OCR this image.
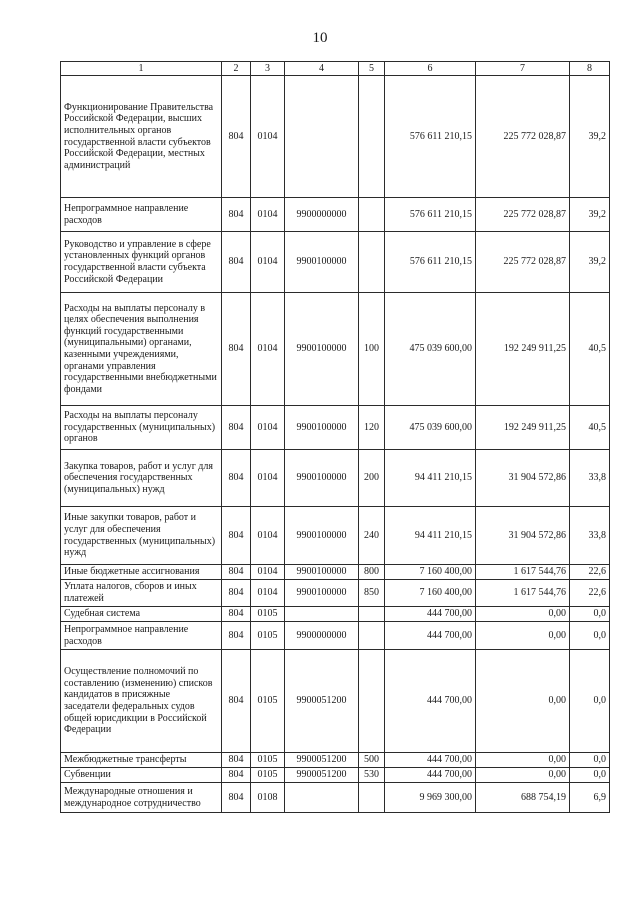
10
1	2	3	4	5	6	7	8
Функционирование Правительства Российской Федерации, высших исполнительных органов государственной власти субъектов Российской Федерации, местных администраций	804	0104			576 611 210,15	225 772 028,87	39,2
Непрограммное направление расходов	804	0104	9900000000		576 611 210,15	225 772 028,87	39,2
Руководство и управление в сфере установленных функций органов государственной власти субъекта Российской Федерации	804	0104	9900100000		576 611 210,15	225 772 028,87	39,2
Расходы на выплаты персоналу в целях обеспечения выполнения функций государственными (муниципальными) органами, казенными учреждениями, органами управления государственными внебюджетными фондами	804	0104	9900100000	100	475 039 600,00	192 249 911,25	40,5
Расходы на выплаты персоналу государственных (муниципальных) органов	804	0104	9900100000	120	475 039 600,00	192 249 911,25	40,5
Закупка товаров, работ и услуг для обеспечения государственных (муниципальных) нужд	804	0104	9900100000	200	94 411 210,15	31 904 572,86	33,8
Иные закупки товаров, работ и услуг для обеспечения государственных (муниципальных) нужд	804	0104	9900100000	240	94 411 210,15	31 904 572,86	33,8
Иные бюджетные ассигнования	804	0104	9900100000	800	7 160 400,00	1 617 544,76	22,6
Уплата налогов, сборов и иных платежей	804	0104	9900100000	850	7 160 400,00	1 617 544,76	22,6
Судебная система	804	0105			444 700,00	0,00	0,0
Непрограммное направление расходов	804	0105	9900000000		444 700,00	0,00	0,0
Осуществление полномочий по составлению (изменению) списков кандидатов в присяжные заседатели федеральных судов общей юрисдикции в Российской Федерации	804	0105	9900051200		444 700,00	0,00	0,0
Межбюджетные трансферты	804	0105	9900051200	500	444 700,00	0,00	0,0
Субвенции	804	0105	9900051200	530	444 700,00	0,00	0,0
Международные отношения и международное сотрудничество	804	0108			9 969 300,00	688 754,19	6,9
